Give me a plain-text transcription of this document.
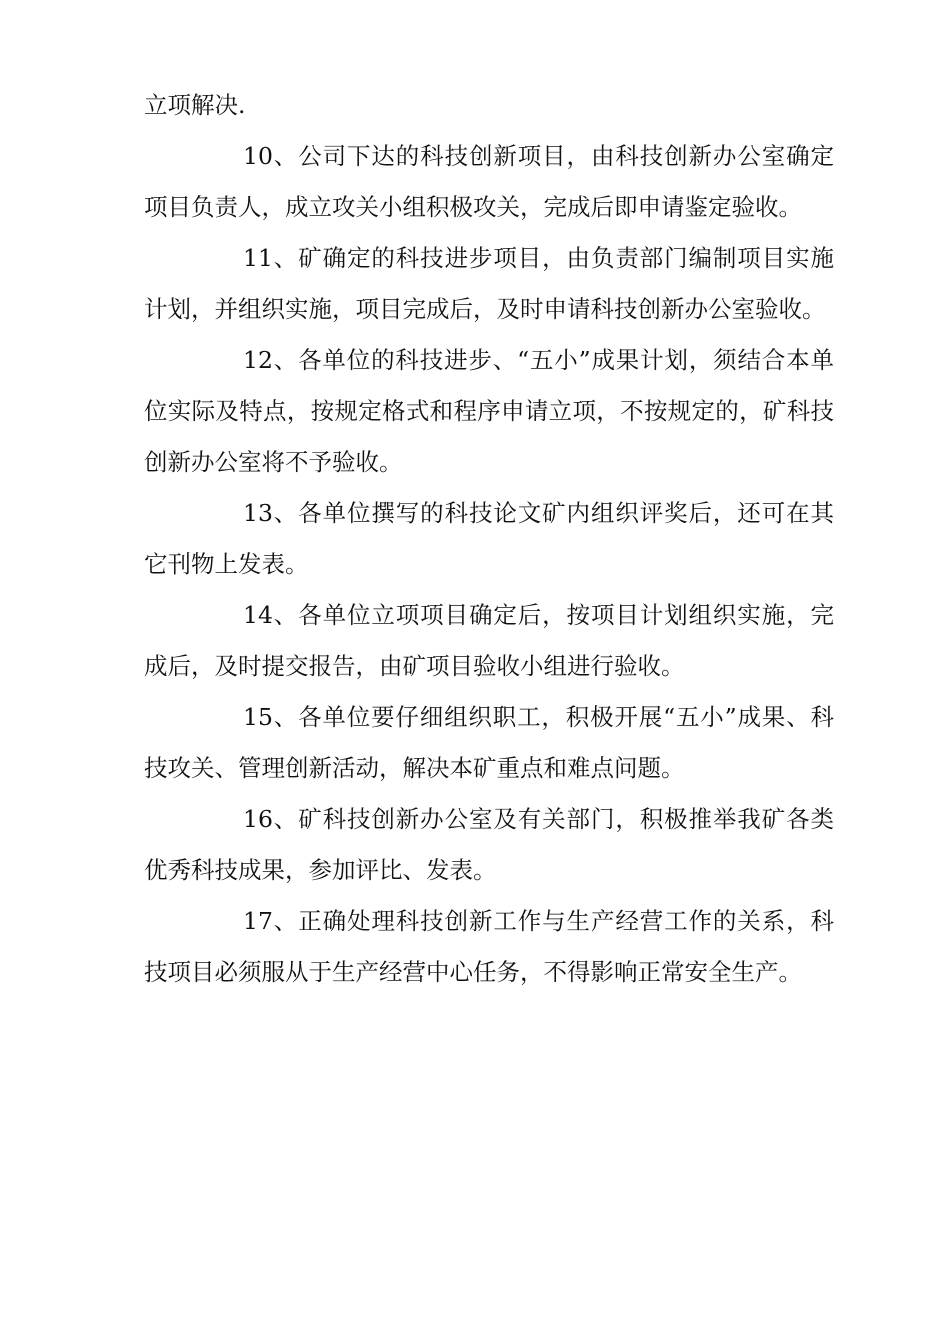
立项解决.

10、公司下达的科技创新项目，由科技创新办公室确定项目负责人，成立攻关小组积极攻关，完成后即申请鉴定验收。

11、矿确定的科技进步项目，由负责部门编制项目实施计划，并组织实施，项目完成后，及时申请科技创新办公室验收。

12、各单位的科技进步、“五小”成果计划，须结合本单位实际及特点，按规定格式和程序申请立项，不按规定的，矿科技创新办公室将不予验收。

13、各单位撰写的科技论文矿内组织评奖后，还可在其它刊物上发表。

14、各单位立项项目确定后，按项目计划组织实施，完成后，及时提交报告，由矿项目验收小组进行验收。

15、各单位要仔细组织职工，积极开展“五小”成果、科技攻关、管理创新活动，解决本矿重点和难点问题。

16、矿科技创新办公室及有关部门，积极推举我矿各类优秀科技成果，参加评比、发表。

17、正确处理科技创新工作与生产经营工作的关系，科技项目必须服从于生产经营中心任务，不得影响正常安全生产。
